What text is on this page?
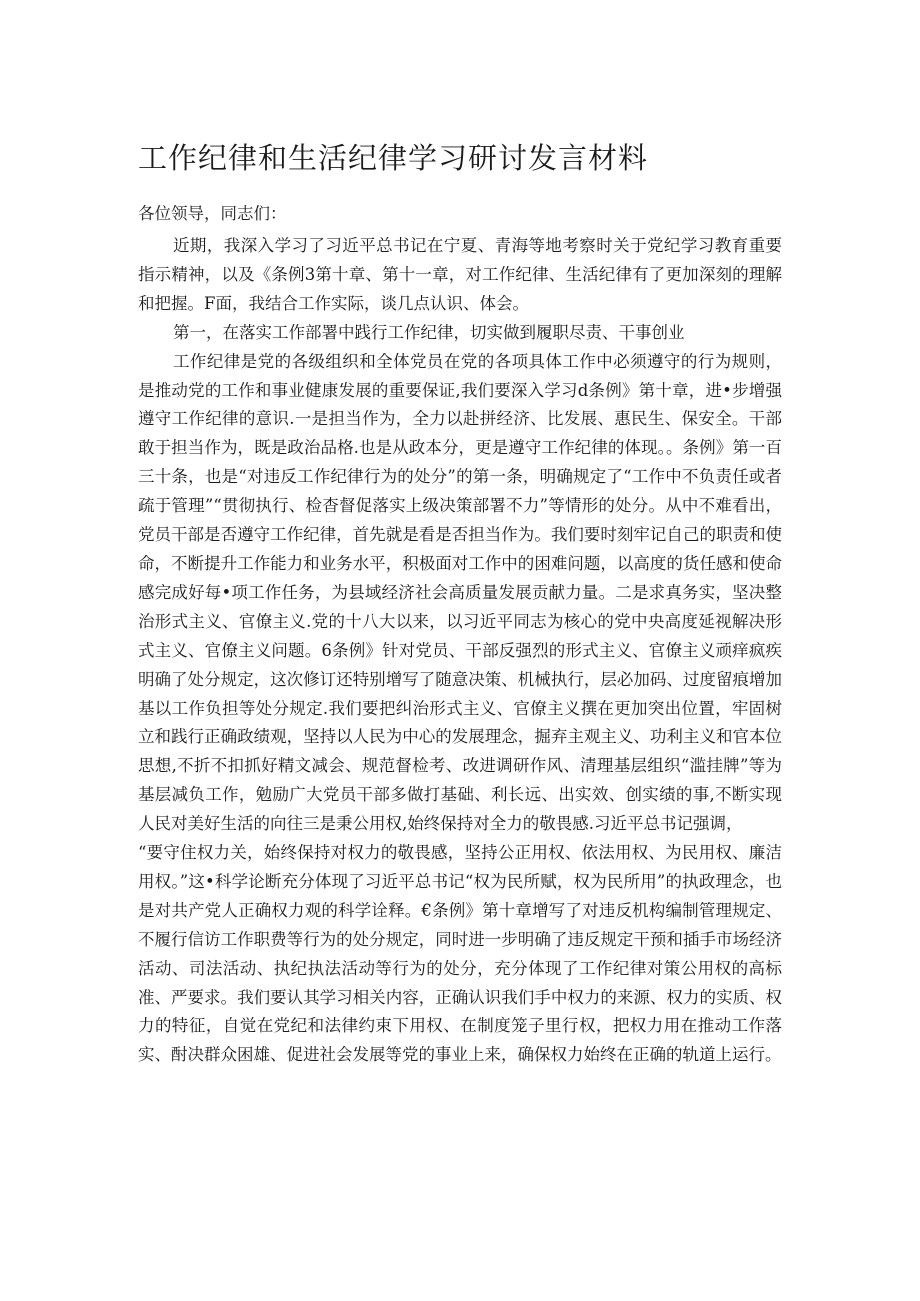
工作纪律和生活纪律学习研讨发言材料

各位领导，同志们：

近期，我深入学习了习近平总书记在宁夏、青海等地考察时关于党纪学习教育重要指示精神，以及《条例3第十章、第十一章，对工作纪律、生活纪律有了更加深刻的理解和把握。F面，我结合工作实际，谈几点认识、体会。

第一，在落实工作部署中践行工作纪律，切实做到履职尽责、干事创业

工作纪律是党的各级组织和全体党员在党的各项具体工作中必须遵守的行为规则，是推动党的工作和事业健康发展的重要保证,我们要深入学习d条例》第十章，进•步增强遵守工作纪律的意识.一是担当作为，全力以赴拼经济、比发展、惠民生、保安全。干部敢于担当作为，既是政治品格.也是从政本分，更是遵守工作纪律的体现。。条例》第一百三十条，也是“对违反工作纪律行为的处分”的第一条，明确规定了“工作中不负责任或者疏于管理”“贯彻执行、检杳督促落实上级决策部署不力”等情形的处分。从中不难看出，党员干部是否遵守工作纪律，首先就是看是否担当作为。我们要时刻牢记自己的职责和使命，不断提升工作能力和业务水平，积极面对工作中的困难问题，以高度的货任感和使命感完成好每•项工作任务，为县域经济社会高质量发展贡献力量。二是求真务实，坚决整治形式主义、官僚主义.党的十八大以来，以习近平同志为核心的党中央高度延视解决形式主义、官僚主义问题。6条例》针对党员、干部反强烈的形式主义、官僚主义顽痒疯疾明确了处分规定，这次修订还特别增写了随意决策、机械执行，层必加码、过度留痕增加基以工作负担等处分规定.我们要把纠治形式主义、官僚主义撰在更加突出位置，牢固树立和践行正确政绩观，坚持以人民为中心的发展理念，掘弃主观主义、功利主义和官本位思想,不折不扣抓好精文减会、规范督检考、改进调研作风、清理基层组织“滥挂牌”等为基层减负工作，勉励广大党员干部多做打基础、利长远、出实效、创实绩的事,不断实现人民对美好生活的向往三是秉公用权,始终保持对全力的敬畏感.习近平总书记强调，

“要守住权力关，始终保持对权力的敬畏感，坚持公正用权、依法用权、为民用权、廉洁用权。”这•科学论断充分体现了习近平总书记“权为民所赋，权为民所用”的执政理念，也是对共产党人正确权力观的科学诠释。€条例》第十章增写了对违反机构编制管理规定、不履行信访工作职费等行为的处分规定，同时进一步明确了违反规定干预和插手市场经济活动、司法活动、执纪执法活动等行为的处分，充分体现了工作纪律对策公用权的高标准、严要求。我们要认其学习相关内容，正确认识我们手中权力的来源、权力的实质、权力的特征，自觉在党纪和法律约束下用权、在制度笼子里行权，把权力用在推动工作落实、酎决群众困雄、促进社会发展等党的事业上来，确保权力始终在正确的轨道上运行。
